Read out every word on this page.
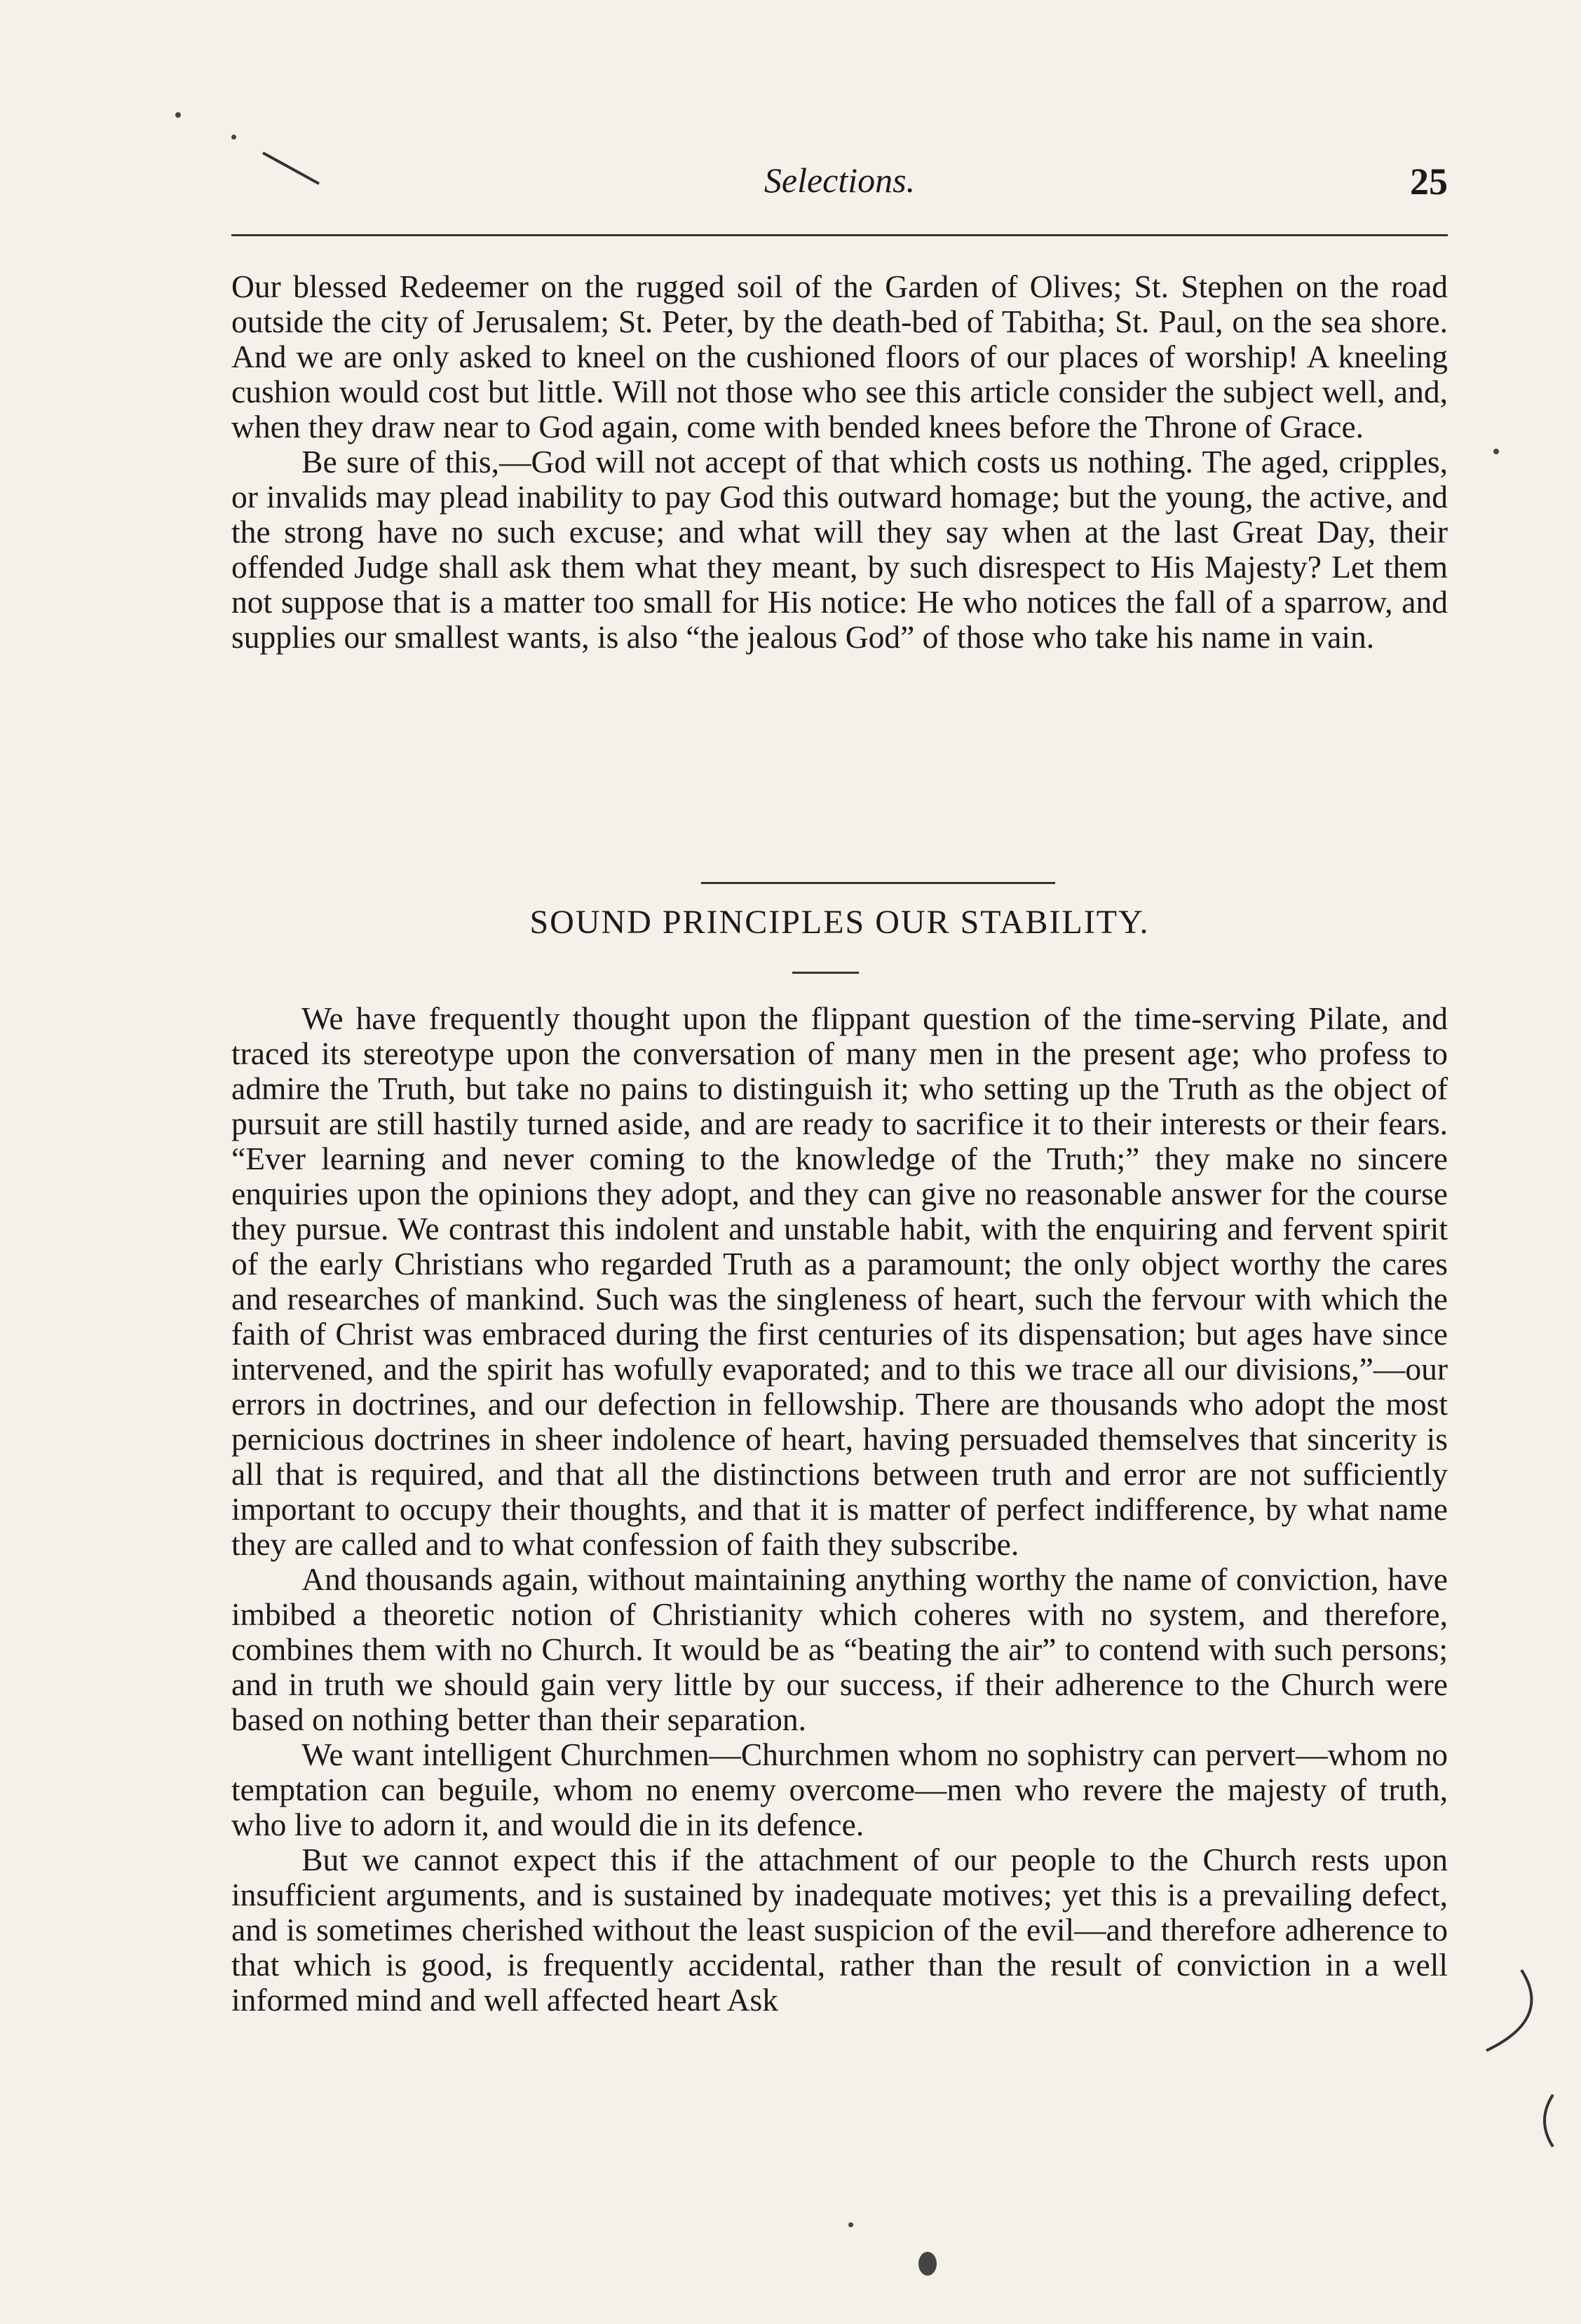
Selections.	25

Our blessed Redeemer on the rugged soil of the Garden of Olives; St. Stephen on the road outside the city of Jerusalem; St. Peter, by the death-bed of Tabitha; St. Paul, on the sea shore. And we are only asked to kneel on the cushioned floors of our places of worship! A kneeling cushion would cost but little. Will not those who see this article consider the subject well, and, when they draw near to God again, come with bended knees before the Throne of Grace.

Be sure of this,—God will not accept of that which costs us nothing. The aged, cripples, or invalids may plead inability to pay God this outward homage; but the young, the active, and the strong have no such excuse; and what will they say when at the last Great Day, their offended Judge shall ask them what they meant, by such disrespect to His Majesty? Let them not suppose that is a matter too small for His notice: He who notices the fall of a sparrow, and supplies our smallest wants, is also “the jealous God” of those who take his name in vain.

SOUND PRINCIPLES OUR STABILITY.

We have frequently thought upon the flippant question of the time-serving Pilate, and traced its stereotype upon the conversation of many men in the present age; who profess to admire the Truth, but take no pains to distinguish it; who setting up the Truth as the object of pursuit are still hastily turned aside, and are ready to sacrifice it to their interests or their fears. “Ever learning and never coming to the knowledge of the Truth;” they make no sincere enquiries upon the opinions they adopt, and they can give no reasonable answer for the course they pursue. We contrast this indolent and unstable habit, with the enquiring and fervent spirit of the early Christians who regarded Truth as a paramount; the only object worthy the cares and researches of mankind. Such was the singleness of heart, such the fervour with which the faith of Christ was embraced during the first centuries of its dispensation; but ages have since intervened, and the spirit has wofully evaporated; and to this we trace all our divisions,”—our errors in doctrines, and our defection in fellowship. There are thousands who adopt the most pernicious doctrines in sheer indolence of heart, having persuaded themselves that sincerity is all that is required, and that all the distinctions between truth and error are not sufficiently important to occupy their thoughts, and that it is matter of perfect indifference, by what name they are called and to what confession of faith they subscribe.

And thousands again, without maintaining anything worthy the name of conviction, have imbibed a theoretic notion of Christianity which coheres with no system, and therefore, combines them with no Church. It would be as “beating the air” to contend with such persons; and in truth we should gain very little by our success, if their adherence to the Church were based on nothing better than their separation.

We want intelligent Churchmen—Churchmen whom no sophistry can pervert—whom no temptation can beguile, whom no enemy overcome—men who revere the majesty of truth, who live to adorn it, and would die in its defence.

But we cannot expect this if the attachment of our people to the Church rests upon insufficient arguments, and is sustained by inadequate motives; yet this is a prevailing defect, and is sometimes cherished without the least suspicion of the evil—and therefore adherence to that which is good, is frequently accidental, rather than the result of conviction in a well informed mind and well affected heart Ask
